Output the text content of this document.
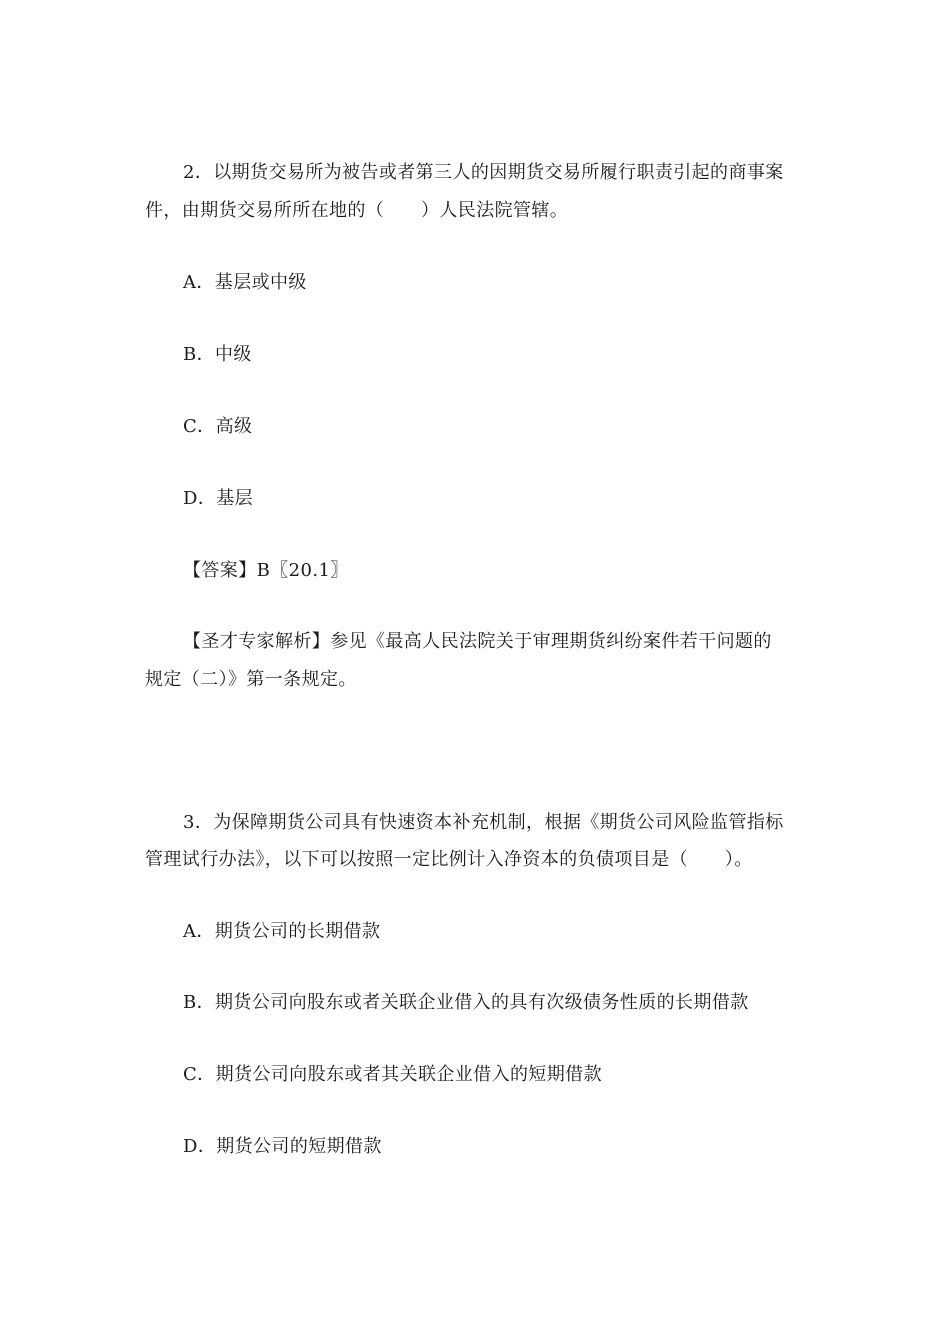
2．以期货交易所为被告或者第三人的因期货交易所履行职责引起的商事案
件，由期货交易所所在地的（　　）人民法院管辖。
A．基层或中级
B．中级
C．高级
D．基层
【答案】B〖20.1〗
【圣才专家解析】参见《最高人民法院关于审理期货纠纷案件若干问题的
规定（二）》第一条规定。
3．为保障期货公司具有快速资本补充机制，根据《期货公司风险监管指标
管理试行办法》，以下可以按照一定比例计入净资本的负债项目是（　　）。
A．期货公司的长期借款
B．期货公司向股东或者关联企业借入的具有次级债务性质的长期借款
C．期货公司向股东或者其关联企业借入的短期借款
D．期货公司的短期借款
